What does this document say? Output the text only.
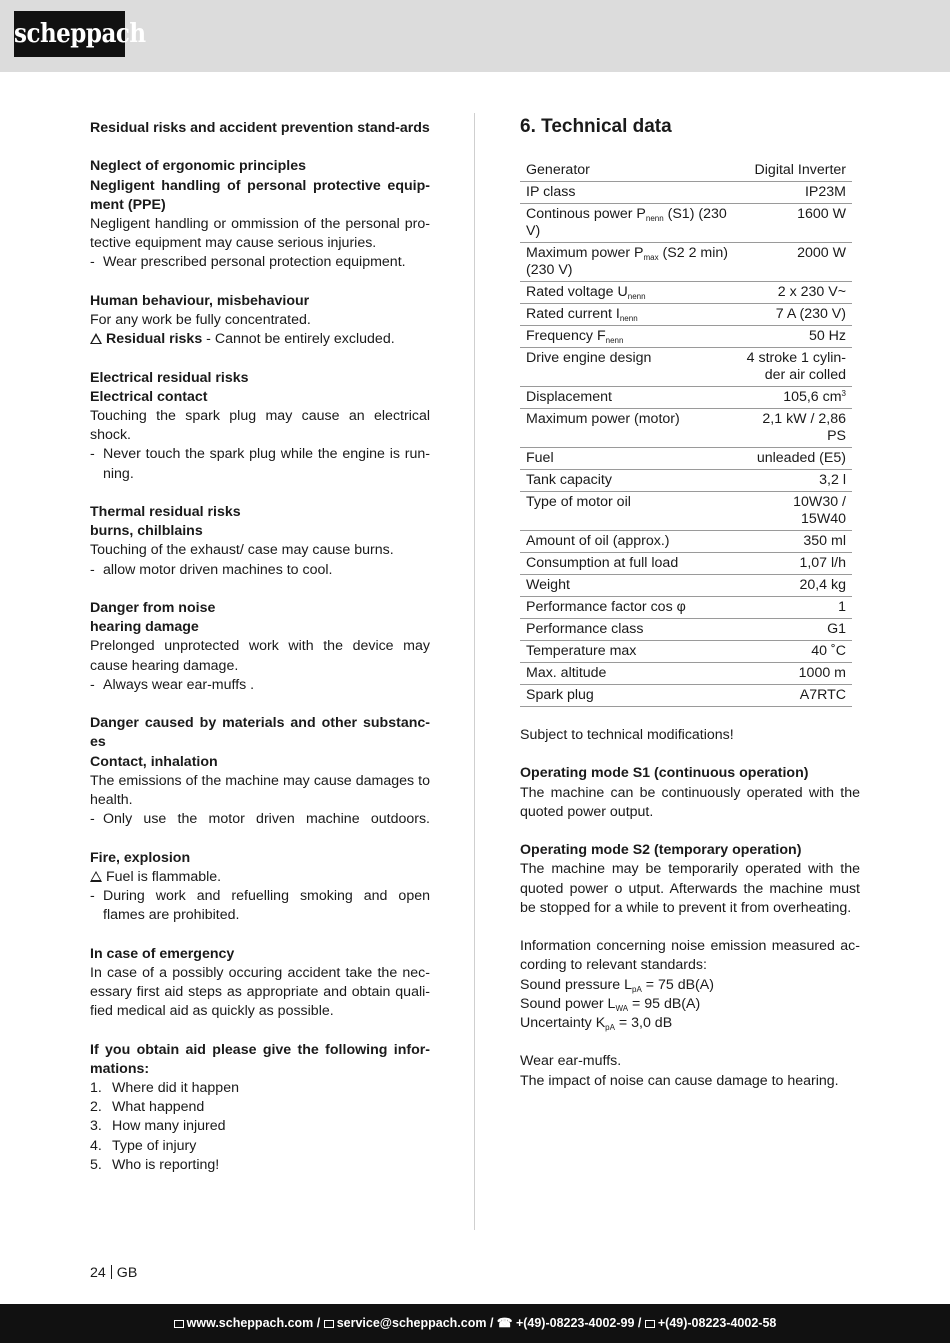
scheppach
Residual risks and accident prevention stand-ards
Neglect of ergonomic principles
Negligent handling of personal protective equip-ment (PPE)
Negligent handling or ommission of the personal pro-tective equipment may cause serious injuries.
- Wear prescribed personal protection equipment.
Human behaviour, misbehaviour
For any work be fully concentrated.
Residual risks - Cannot be entirely excluded.
Electrical residual risks
Electrical contact
Touching the spark plug may cause an electrical shock.
- Never touch the spark plug while the engine is run-ning.
Thermal residual risks
burns, chilblains
Touching of the exhaust/ case may cause burns.
- allow motor driven machines to cool.
Danger from noise
hearing damage
Prelonged unprotected work with the device may cause hearing damage.
- Always wear ear-muffs .
Danger caused by materials and other substanc-es
Contact, inhalation
The emissions of the machine may cause damages to health.
- Only use the motor driven machine outdoors.
Fire, explosion
Fuel is flammable.
- During work and refuelling smoking and open flames are prohibited.
In case of emergency
In case of a possibly occuring accident take the nec-essary first aid steps as appropriate and obtain quali-fied medical aid as quickly as possible.
If you obtain aid please give the following infor-mations:
1. Where did it happen
2. What happend
3. How many injured
4. Type of injury
5. Who is reporting!
6. Technical data
Generator	Digital Inverter
IP class	IP23M
Continous power $P_{nenn}$ (S1) (230 V)	1600 W
Maximum power $P_{max}$ (S2 2 min) (230 V)	2000 W
Rated voltage $U_{nenn}$	2 x 230 V~
Rated current $I_{nenn}$	7 A (230 V)
Frequency $F_{nenn}$	50 Hz
Drive engine design	4 stroke 1 cylin-der air colled
Displacement	105,6 $cm^3$
Maximum power (motor)	2,1 kW / 2,86 PS
Fuel	unleaded (E5)
Tank capacity	3,2 l
Type of motor oil	10W30 / 15W40
Amount of oil (approx.)	350 ml
Consumption at full load	1,07 l/h
Weight	20,4 kg
Performance factor cos φ	1
Performance class	G1
Temperature max	40 ˚C
Max. altitude	1000 m
Spark plug	A7RTC
Subject to technical modifications!
Operating mode S1 (continuous operation)
The machine can be continuously operated with the quoted power output.
Operating mode S2 (temporary operation)
The machine may be temporarily operated with the quoted power o utput. Afterwards the machine must be stopped for a while to prevent it from overheating.
Information concerning noise emission measured ac-cording to relevant standards:
Sound pressure $L_{pA} = 75$ dB(A)
Sound power $L_{WA} = 95$ dB(A)
Uncertainty $K_{pA} = 3,0$ dB
Wear ear-muffs.
The impact of noise can cause damage to hearing.
24 GB
www.scheppach.com / service@scheppach.com / ☎ +(49)-08223-4002-99 / +(49)-08223-4002-58
